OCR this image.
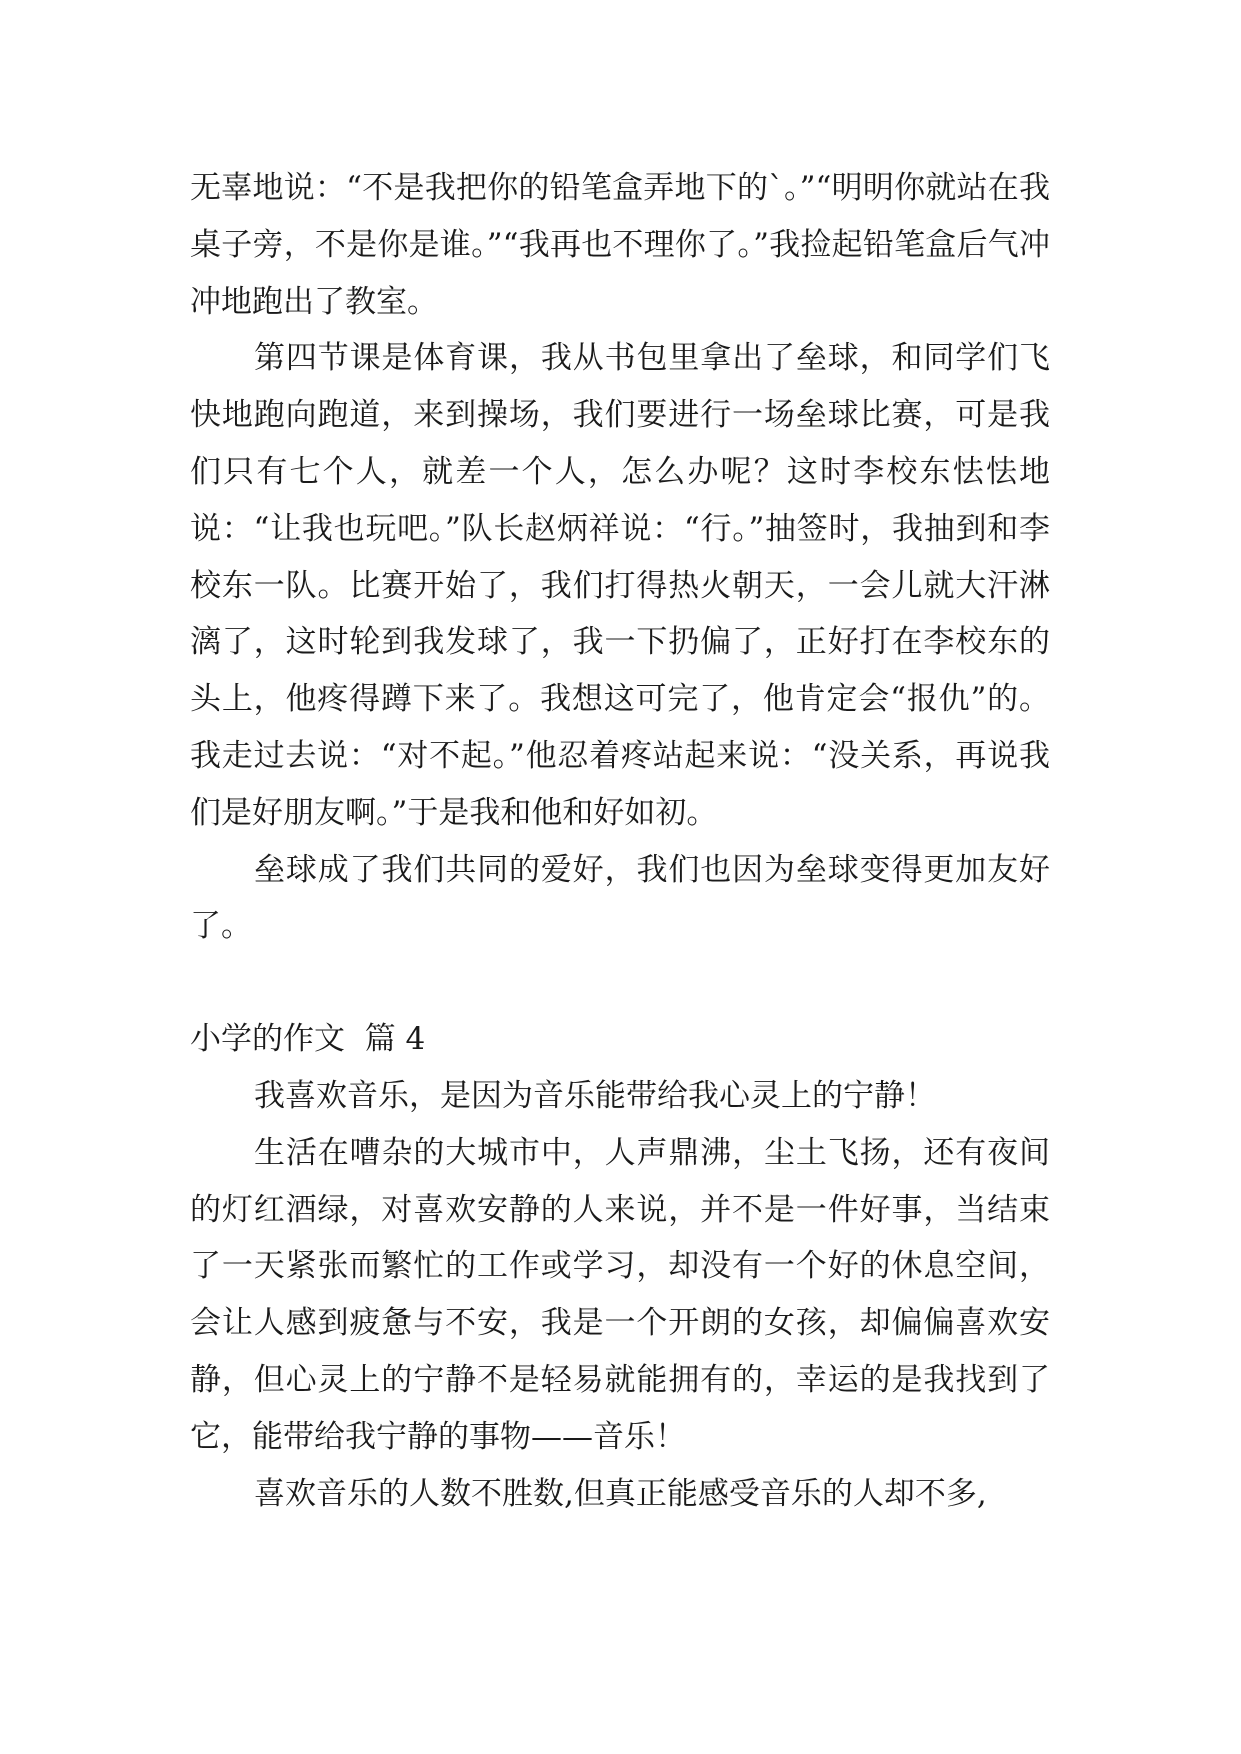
无辜地说：“不是我把你的铅笔盒弄地下的`。”“明明你就站在我桌子旁，不是你是谁。”“我再也不理你了。”我捡起铅笔盒后气冲冲地跑出了教室。

第四节课是体育课，我从书包里拿出了垒球，和同学们飞快地跑向跑道，来到操场，我们要进行一场垒球比赛，可是我们只有七个人，就差一个人，怎么办呢？这时李校东怯怯地说：“让我也玩吧。”队长赵炳祥说：“行。”抽签时，我抽到和李校东一队。比赛开始了，我们打得热火朝天，一会儿就大汗淋漓了，这时轮到我发球了，我一下扔偏了，正好打在李校东的头上，他疼得蹲下来了。我想这可完了，他肯定会“报仇”的。我走过去说：“对不起。”他忍着疼站起来说：“没关系，再说我们是好朋友啊。”于是我和他和好如初。

垒球成了我们共同的爱好，我们也因为垒球变得更加友好了。

小学的作文  篇 4

我喜欢音乐，是因为音乐能带给我心灵上的宁静！

生活在嘈杂的大城市中，人声鼎沸，尘土飞扬，还有夜间的灯红酒绿，对喜欢安静的人来说，并不是一件好事，当结束了一天紧张而繁忙的工作或学习，却没有一个好的休息空间，会让人感到疲惫与不安，我是一个开朗的女孩，却偏偏喜欢安静，但心灵上的宁静不是轻易就能拥有的，幸运的是我找到了它，能带给我宁静的事物——音乐！

喜欢音乐的人数不胜数,但真正能感受音乐的人却不多,
